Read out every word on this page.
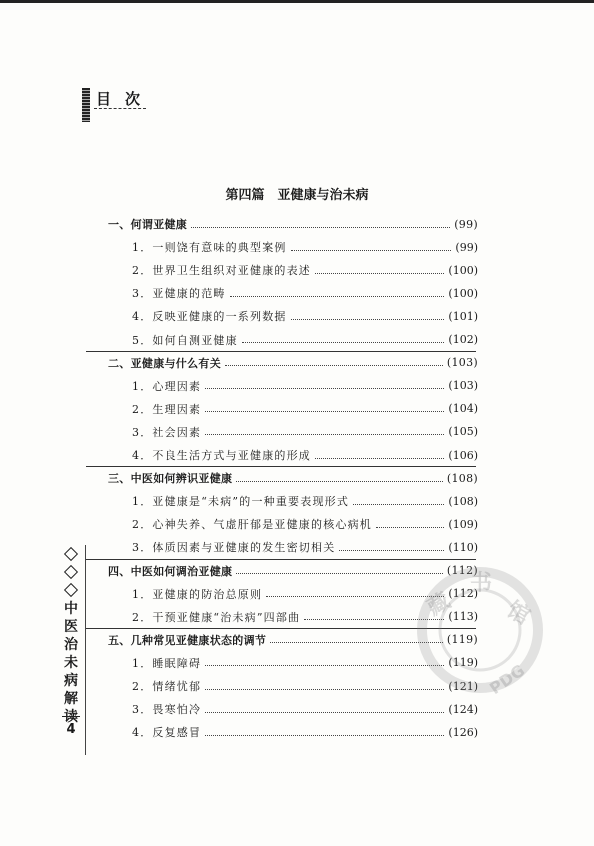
目次
第四篇　亚健康与治未病
一、何谓亚健康	(99)
1．一则饶有意味的典型案例	(99)
2．世界卫生组织对亚健康的表述	(100)
3．亚健康的范畴	(100)
4．反映亚健康的一系列数据	(101)
5．如何自测亚健康	(102)
二、亚健康与什么有关	(103)
1．心理因素	(103)
2．生理因素	(104)
3．社会因素	(105)
4．不良生活方式与亚健康的形成	(106)
三、中医如何辨识亚健康	(108)
1．亚健康是“未病”的一种重要表现形式	(108)
2．心神失养、气虚肝郁是亚健康的核心病机	(109)
3．体质因素与亚健康的发生密切相关	(110)
四、中医如何调治亚健康	(112)
1．亚健康的防治总原则	(112)
2．干预亚健康“治未病”四部曲	(113)
五、几种常见亚健康状态的调节	(119)
1．睡眠障碍	(119)
2．情绪忧郁	(121)
3．畏寒怕冷	(124)
4．反复感冒	(126)
中
医
治
未
病
解
读
4
藏
书
馆
PDG
